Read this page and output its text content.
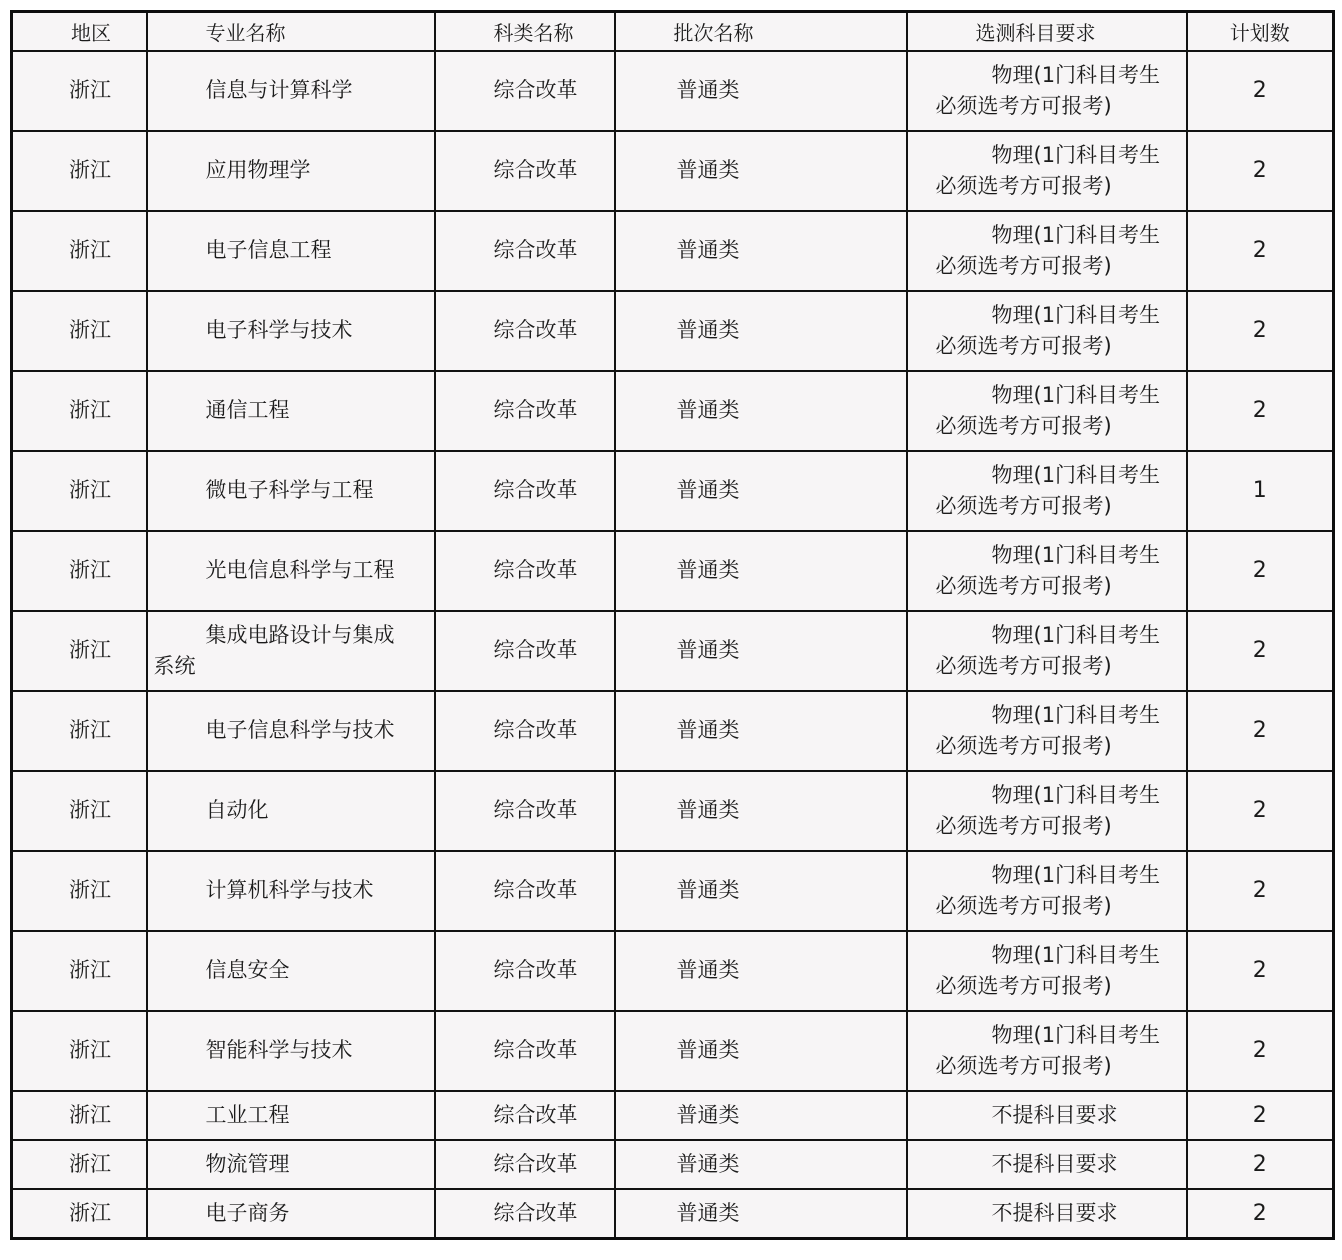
地区	专业名称	科类名称	批次名称	选测科目要求	计划数
浙江	信息与计算科学	综合改革	普通类	物理(1门科目考生必须选考方可报考)	2
浙江	应用物理学	综合改革	普通类	物理(1门科目考生必须选考方可报考)	2
浙江	电子信息工程	综合改革	普通类	物理(1门科目考生必须选考方可报考)	2
浙江	电子科学与技术	综合改革	普通类	物理(1门科目考生必须选考方可报考)	2
浙江	通信工程	综合改革	普通类	物理(1门科目考生必须选考方可报考)	2
浙江	微电子科学与工程	综合改革	普通类	物理(1门科目考生必须选考方可报考)	1
浙江	光电信息科学与工程	综合改革	普通类	物理(1门科目考生必须选考方可报考)	2
浙江	集成电路设计与集成系统	综合改革	普通类	物理(1门科目考生必须选考方可报考)	2
浙江	电子信息科学与技术	综合改革	普通类	物理(1门科目考生必须选考方可报考)	2
浙江	自动化	综合改革	普通类	物理(1门科目考生必须选考方可报考)	2
浙江	计算机科学与技术	综合改革	普通类	物理(1门科目考生必须选考方可报考)	2
浙江	信息安全	综合改革	普通类	物理(1门科目考生必须选考方可报考)	2
浙江	智能科学与技术	综合改革	普通类	物理(1门科目考生必须选考方可报考)	2
浙江	工业工程	综合改革	普通类	不提科目要求	2
浙江	物流管理	综合改革	普通类	不提科目要求	2
浙江	电子商务	综合改革	普通类	不提科目要求	2
